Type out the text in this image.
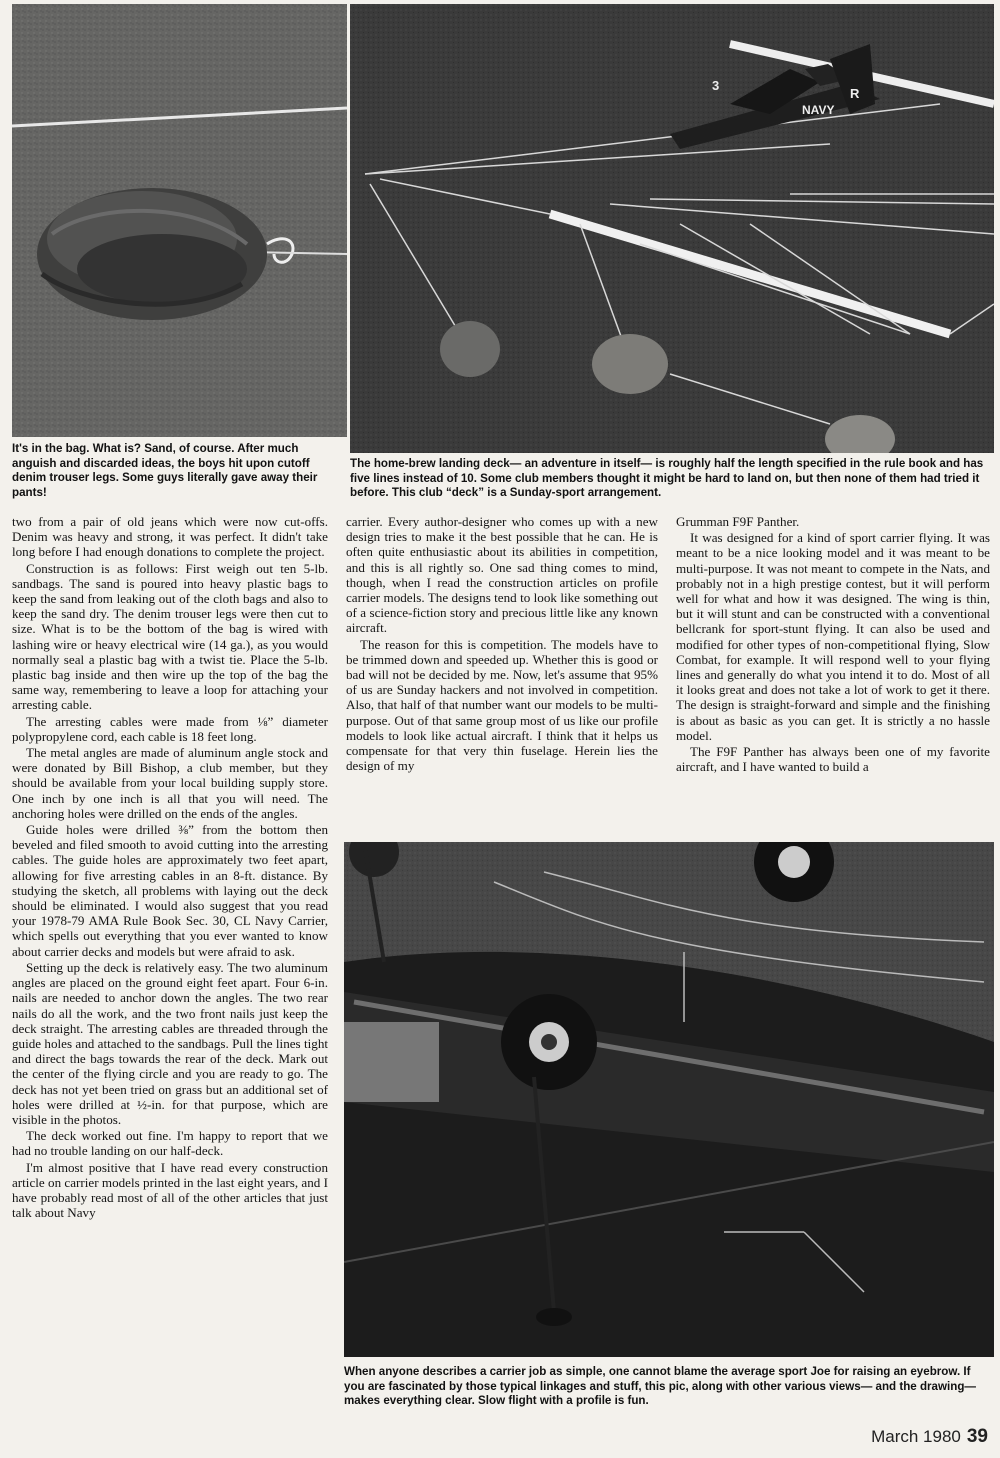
3
NAVY
R

It's in the bag. What is? Sand, of course. After much anguish and discarded ideas, the boys hit upon cutoff denim trouser legs. Some guys literally gave away their pants!

The home-brew landing deck— an adventure in itself— is roughly half the length specified in the rule book and has five lines instead of 10. Some club members thought it might be hard to land on, but then none of them had tried it before. This club “deck” is a Sunday-sport arrangement.

two from a pair of old jeans which were now cut-offs. Denim was heavy and strong, it was perfect. It didn't take long before I had enough donations to complete the project.

Construction is as follows: First weigh out ten 5-lb. sandbags. The sand is poured into heavy plastic bags to keep the sand from leaking out of the cloth bags and also to keep the sand dry. The denim trouser legs were then cut to size. What is to be the bottom of the bag is wired with lashing wire or heavy electrical wire (14 ga.), as you would normally seal a plastic bag with a twist tie. Place the 5-lb. plastic bag inside and then wire up the top of the bag the same way, remembering to leave a loop for attaching your arresting cable.

The arresting cables were made from ⅛” diameter polypropylene cord, each cable is 18 feet long.

The metal angles are made of aluminum angle stock and were donated by Bill Bishop, a club member, but they should be available from your local building supply store. One inch by one inch is all that you will need. The anchoring holes were drilled on the ends of the angles.

Guide holes were drilled ⅜” from the bottom then beveled and filed smooth to avoid cutting into the arresting cables. The guide holes are approximately two feet apart, allowing for five arresting cables in an 8-ft. distance. By studying the sketch, all problems with laying out the deck should be eliminated. I would also suggest that you read your 1978-79 AMA Rule Book Sec. 30, CL Navy Carrier, which spells out everything that you ever wanted to know about carrier decks and models but were afraid to ask.

Setting up the deck is relatively easy. The two aluminum angles are placed on the ground eight feet apart. Four 6-in. nails are needed to anchor down the angles. The two rear nails do all the work, and the two front nails just keep the deck straight. The arresting cables are threaded through the guide holes and attached to the sandbags. Pull the lines tight and direct the bags towards the rear of the deck. Mark out the center of the flying circle and you are ready to go. The deck has not yet been tried on grass but an additional set of holes were drilled at ½-in. for that purpose, which are visible in the photos.

The deck worked out fine. I'm happy to report that we had no trouble landing on our half-deck.

I'm almost positive that I have read every construction article on carrier models printed in the last eight years, and I have probably read most of all of the other articles that just talk about Navy

carrier. Every author-designer who comes up with a new design tries to make it the best possible that he can. He is often quite enthusiastic about its abilities in competition, and this is all rightly so. One sad thing comes to mind, though, when I read the construction articles on profile carrier models. The designs tend to look like something out of a science-fiction story and precious little like any known aircraft.

The reason for this is competition. The models have to be trimmed down and speeded up. Whether this is good or bad will not be decided by me. Now, let's assume that 95% of us are Sunday hackers and not involved in competition. Also, that half of that number want our models to be multi-purpose. Out of that same group most of us like our profile models to look like actual aircraft. I think that it helps us compensate for that very thin fuselage. Herein lies the design of my

Grumman F9F Panther.

It was designed for a kind of sport carrier flying. It was meant to be a nice looking model and it was meant to be multi-purpose. It was not meant to compete in the Nats, and probably not in a high prestige contest, but it will perform well for what and how it was designed. The wing is thin, but it will stunt and can be constructed with a conventional bellcrank for sport-stunt flying. It can also be used and modified for other types of non-competitional flying, Slow Combat, for example. It will respond well to your flying lines and generally do what you intend it to do. Most of all it looks great and does not take a lot of work to get it there. The design is straight-forward and simple and the finishing is about as basic as you can get. It is strictly a no hassle model.

The F9F Panther has always been one of my favorite aircraft, and I have wanted to build a

When anyone describes a carrier job as simple, one cannot blame the average sport Joe for raising an eyebrow. If you are fascinated by those typical linkages and stuff, this pic, along with other various views— and the drawing— makes everything clear. Slow flight with a profile is fun.

March 1980 39
